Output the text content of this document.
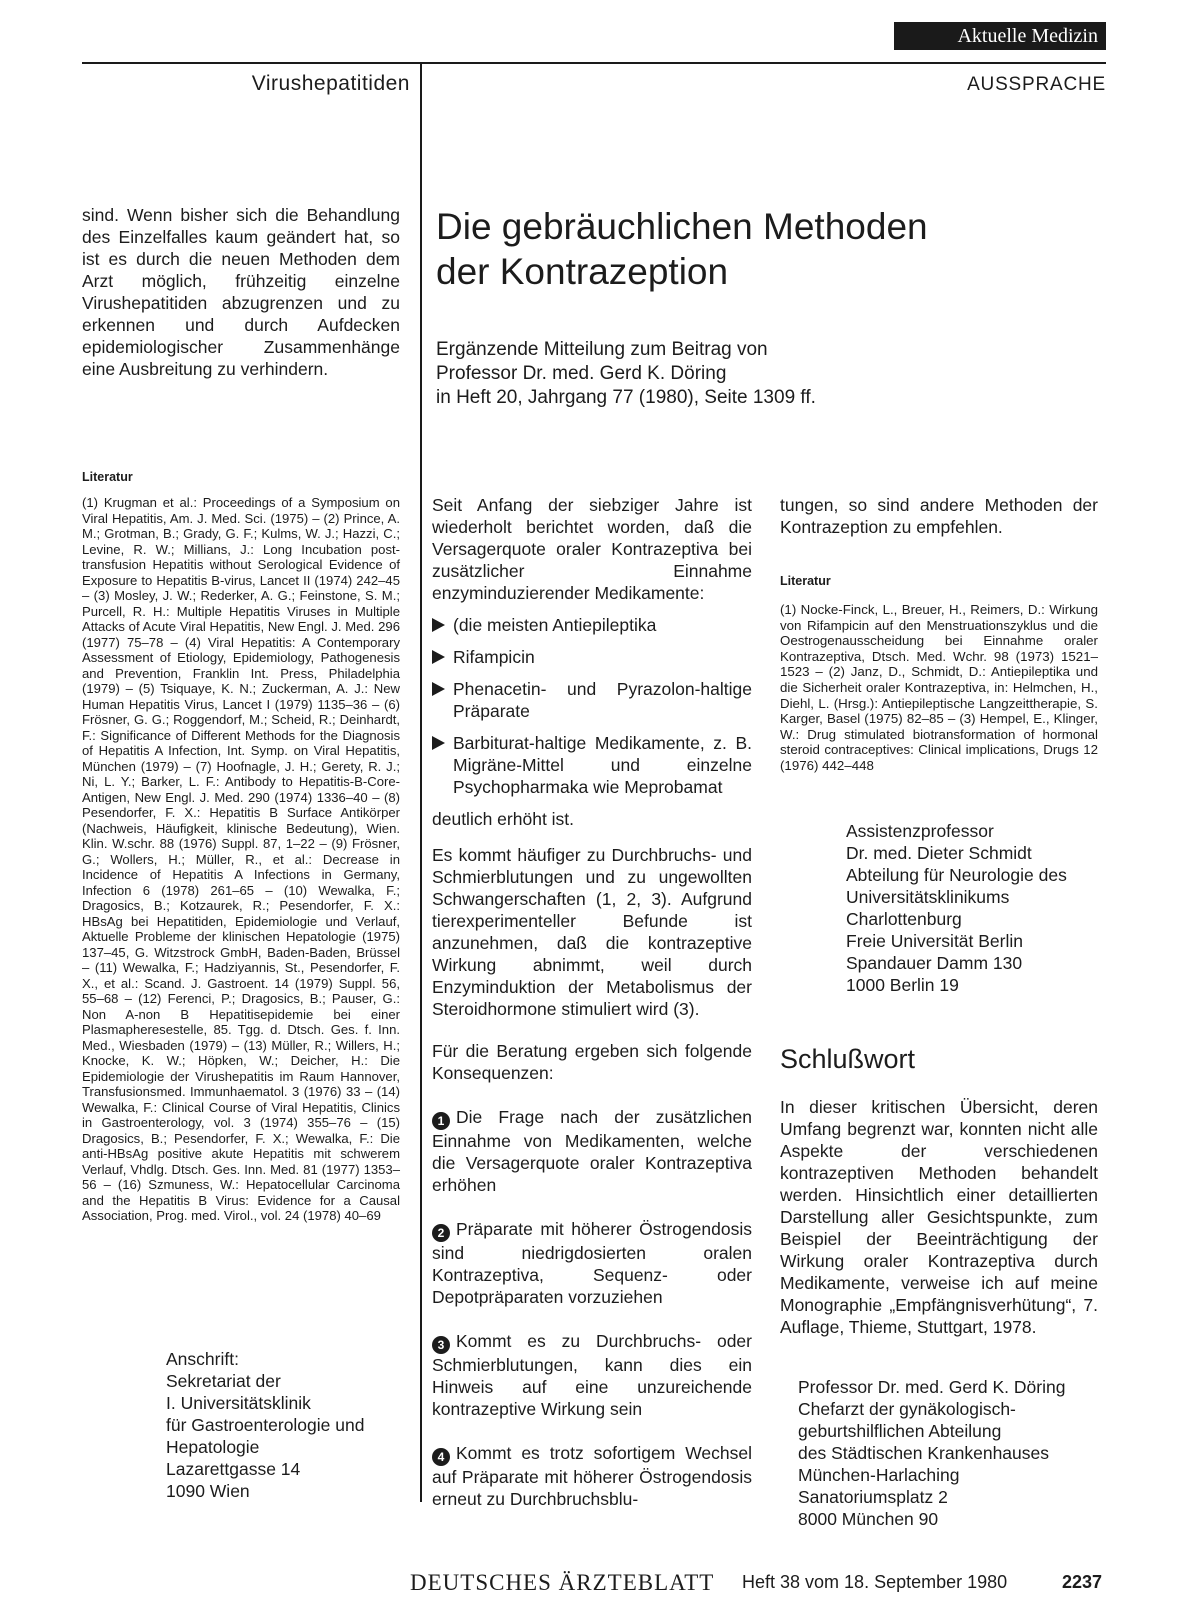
Aktuelle Medizin
Virushepatitiden	AUSSPRACHE
sind. Wenn bisher sich die Behandlung des Einzelfalles kaum geändert hat, so ist es durch die neuen Methoden dem Arzt möglich, frühzeitig einzelne Virushepatitiden abzugrenzen und zu erkennen und durch Aufdecken epidemiologischer Zusammenhänge eine Ausbreitung zu verhindern.
Literatur
(1) Krugman et al.: Proceedings of a Symposium on Viral Hepatitis, Am. J. Med. Sci. (1975) – (2) Prince, A. M.; Grotman, B.; Grady, G. F.; Kulms, W. J.; Hazzi, C.; Levine, R. W.; Millians, J.: Long Incubation post-transfusion Hepatitis without Serological Evidence of Exposure to Hepatitis B-virus, Lancet II (1974) 242–45 – (3) Mosley, J. W.; Rederker, A. G.; Feinstone, S. M.; Purcell, R. H.: Multiple Hepatitis Viruses in Multiple Attacks of Acute Viral Hepatitis, New Engl. J. Med. 296 (1977) 75–78 – (4) Viral Hepatitis: A Contemporary Assessment of Etiology, Epidemiology, Pathogenesis and Prevention, Franklin Int. Press, Philadelphia (1979) – (5) Tsiquaye, K. N.; Zuckerman, A. J.: New Human Hepatitis Virus, Lancet I (1979) 1135–36 – (6) Frösner, G. G.; Roggendorf, M.; Scheid, R.; Deinhardt, F.: Significance of Different Methods for the Diagnosis of Hepatitis A Infection, Int. Symp. on Viral Hepatitis, München (1979) – (7) Hoofnagle, J. H.; Gerety, R. J.; Ni, L. Y.; Barker, L. F.: Antibody to Hepatitis-B-Core-Antigen, New Engl. J. Med. 290 (1974) 1336–40 – (8) Pesendorfer, F. X.: Hepatitis B Surface Antikörper (Nachweis, Häufigkeit, klinische Bedeutung), Wien. Klin. W.schr. 88 (1976) Suppl. 87, 1–22 – (9) Frösner, G.; Wollers, H.; Müller, R., et al.: Decrease in Incidence of Hepatitis A Infections in Germany, Infection 6 (1978) 261–65 – (10) Wewalka, F.; Dragosics, B.; Kotzaurek, R.; Pesendorfer, F. X.: HBsAg bei Hepatitiden, Epidemiologie und Verlauf, Aktuelle Probleme der klinischen Hepatologie (1975) 137–45, G. Witzstrock GmbH, Baden-Baden, Brüssel – (11) Wewalka, F.; Hadziyannis, St., Pesendorfer, F. X., et al.: Scand. J. Gastroent. 14 (1979) Suppl. 56, 55–68 – (12) Ferenci, P.; Dragosics, B.; Pauser, G.: Non A-non B Hepatitisepidemie bei einer Plasmapheresestelle, 85. Tgg. d. Dtsch. Ges. f. Inn. Med., Wiesbaden (1979) – (13) Müller, R.; Willers, H.; Knocke, K. W.; Höpken, W.; Deicher, H.: Die Epidemiologie der Virushepatitis im Raum Hannover, Transfusionsmed. Immunhaematol. 3 (1976) 33 – (14) Wewalka, F.: Clinical Course of Viral Hepatitis, Clinics in Gastroenterology, vol. 3 (1974) 355–76 – (15) Dragosics, B.; Pesendorfer, F. X.; Wewalka, F.: Die anti-HBsAg positive akute Hepatitis mit schwerem Verlauf, Vhdlg. Dtsch. Ges. Inn. Med. 81 (1977) 1353–56 – (16) Szmuness, W.: Hepatocellular Carcinoma and the Hepatitis B Virus: Evidence for a Causal Association, Prog. med. Virol., vol. 24 (1978) 40–69
Anschrift:
Sekretariat der
I. Universitätsklinik
für Gastroenterologie und
Hepatologie
Lazarettgasse 14
1090 Wien
Die gebräuchlichen Methoden
der Kontrazeption
Ergänzende Mitteilung zum Beitrag von
Professor Dr. med. Gerd K. Döring
in Heft 20, Jahrgang 77 (1980), Seite 1309 ff.
Seit Anfang der siebziger Jahre ist wiederholt berichtet worden, daß die Versagerquote oraler Kontrazeptiva bei zusätzlicher Einnahme enzyminduzierender Medikamente:
(die meisten Antiepileptika
Rifampicin
Phenacetin- und Pyrazolon-haltige Präparate
Barbiturat-haltige Medikamente, z. B. Migräne-Mittel und einzelne Psychopharmaka wie Meprobamat
deutlich erhöht ist.
Es kommt häufiger zu Durchbruchs- und Schmierblutungen und zu ungewollten Schwangerschaften (1, 2, 3). Aufgrund tierexperimenteller Befunde ist anzunehmen, daß die kontrazeptive Wirkung abnimmt, weil durch Enzyminduktion der Metabolismus der Steroidhormone stimuliert wird (3).
Für die Beratung ergeben sich folgende Konsequenzen:
1 Die Frage nach der zusätzlichen Einnahme von Medikamenten, welche die Versagerquote oraler Kontrazeptiva erhöhen
2 Präparate mit höherer Östrogendosis sind niedrigdosierten oralen Kontrazeptiva, Sequenz- oder Depotpräparaten vorzuziehen
3 Kommt es zu Durchbruchs- oder Schmierblutungen, kann dies ein Hinweis auf eine unzureichende kontrazeptive Wirkung sein
4 Kommt es trotz sofortigem Wechsel auf Präparate mit höherer Östrogendosis erneut zu Durchbruchsblu-
tungen, so sind andere Methoden der Kontrazeption zu empfehlen.
Literatur
(1) Nocke-Finck, L., Breuer, H., Reimers, D.: Wirkung von Rifampicin auf den Menstruationszyklus und die Oestrogenausscheidung bei Einnahme oraler Kontrazeptiva, Dtsch. Med. Wchr. 98 (1973) 1521–1523 – (2) Janz, D., Schmidt, D.: Antiepileptika und die Sicherheit oraler Kontrazeptiva, in: Helmchen, H., Diehl, L. (Hrsg.): Antiepileptische Langzeittherapie, S. Karger, Basel (1975) 82–85 – (3) Hempel, E., Klinger, W.: Drug stimulated biotransformation of hormonal steroid contraceptives: Clinical implications, Drugs 12 (1976) 442–448
Assistenzprofessor
Dr. med. Dieter Schmidt
Abteilung für Neurologie des
Universitätsklinikums
Charlottenburg
Freie Universität Berlin
Spandauer Damm 130
1000 Berlin 19
Schlußwort
In dieser kritischen Übersicht, deren Umfang begrenzt war, konnten nicht alle Aspekte der verschiedenen kontrazeptiven Methoden behandelt werden. Hinsichtlich einer detaillierten Darstellung aller Gesichtspunkte, zum Beispiel der Beeinträchtigung der Wirkung oraler Kontrazeptiva durch Medikamente, verweise ich auf meine Monographie „Empfängnisverhütung“, 7. Auflage, Thieme, Stuttgart, 1978.
Professor Dr. med. Gerd K. Döring
Chefarzt der gynäkologisch-
geburtshilflichen Abteilung
des Städtischen Krankenhauses
München-Harlaching
Sanatoriumsplatz 2
8000 München 90
DEUTSCHES ÄRZTEBLATT Heft 38 vom 18. September 1980	2237
